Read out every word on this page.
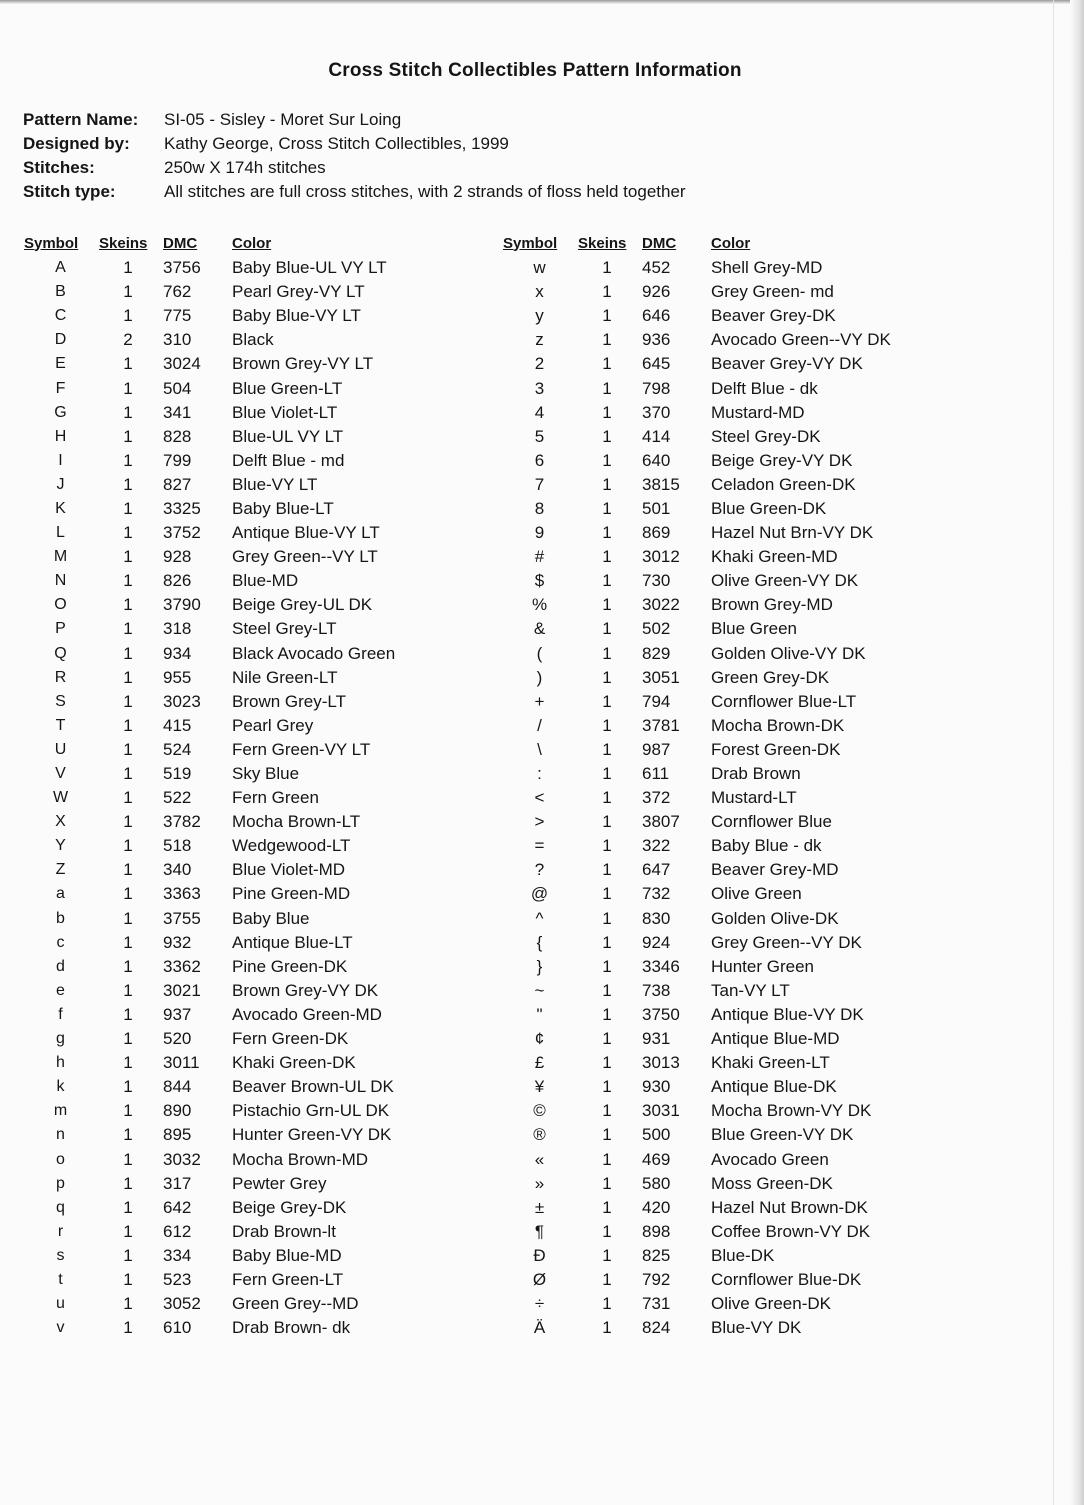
Cross Stitch Collectibles Pattern Information
Pattern Name:	SI-05 - Sisley - Moret Sur Loing
Designed by:	Kathy George, Cross Stitch Collectibles, 1999
Stitches:	250w X 174h stitches
Stitch type:	All stitches are full cross stitches, with 2 strands of floss held together
Symbol	Skeins	DMC	Color
A	1	3756	Baby Blue-UL VY LT
B	1	762	Pearl Grey-VY LT
C	1	775	Baby Blue-VY LT
D	2	310	Black
E	1	3024	Brown Grey-VY LT
F	1	504	Blue Green-LT
G	1	341	Blue Violet-LT
H	1	828	Blue-UL VY LT
I	1	799	Delft Blue - md
J	1	827	Blue-VY LT
K	1	3325	Baby Blue-LT
L	1	3752	Antique Blue-VY LT
M	1	928	Grey Green--VY LT
N	1	826	Blue-MD
O	1	3790	Beige Grey-UL DK
P	1	318	Steel Grey-LT
Q	1	934	Black Avocado Green
R	1	955	Nile Green-LT
S	1	3023	Brown Grey-LT
T	1	415	Pearl Grey
U	1	524	Fern Green-VY LT
V	1	519	Sky Blue
W	1	522	Fern Green
X	1	3782	Mocha Brown-LT
Y	1	518	Wedgewood-LT
Z	1	340	Blue Violet-MD
a	1	3363	Pine Green-MD
b	1	3755	Baby Blue
c	1	932	Antique Blue-LT
d	1	3362	Pine Green-DK
e	1	3021	Brown Grey-VY DK
f	1	937	Avocado Green-MD
g	1	520	Fern Green-DK
h	1	3011	Khaki Green-DK
k	1	844	Beaver Brown-UL DK
m	1	890	Pistachio Grn-UL DK
n	1	895	Hunter Green-VY DK
o	1	3032	Mocha Brown-MD
p	1	317	Pewter Grey
q	1	642	Beige Grey-DK
r	1	612	Drab Brown-lt
s	1	334	Baby Blue-MD
t	1	523	Fern Green-LT
u	1	3052	Green Grey--MD
v	1	610	Drab Brown- dk
Symbol	Skeins	DMC	Color
w	1	452	Shell Grey-MD
x	1	926	Grey Green- md
y	1	646	Beaver Grey-DK
z	1	936	Avocado Green--VY DK
2	1	645	Beaver Grey-VY DK
3	1	798	Delft Blue - dk
4	1	370	Mustard-MD
5	1	414	Steel Grey-DK
6	1	640	Beige Grey-VY DK
7	1	3815	Celadon Green-DK
8	1	501	Blue Green-DK
9	1	869	Hazel Nut Brn-VY DK
#	1	3012	Khaki Green-MD
$	1	730	Olive Green-VY DK
%	1	3022	Brown Grey-MD
&	1	502	Blue Green
(	1	829	Golden Olive-VY DK
)	1	3051	Green Grey-DK
+	1	794	Cornflower Blue-LT
/	1	3781	Mocha Brown-DK
\	1	987	Forest Green-DK
:	1	611	Drab Brown
<	1	372	Mustard-LT
>	1	3807	Cornflower Blue
=	1	322	Baby Blue - dk
?	1	647	Beaver Grey-MD
@	1	732	Olive Green
^	1	830	Golden Olive-DK
{	1	924	Grey Green--VY DK
}	1	3346	Hunter Green
~	1	738	Tan-VY LT
"	1	3750	Antique Blue-VY DK
¢	1	931	Antique Blue-MD
£	1	3013	Khaki Green-LT
¥	1	930	Antique Blue-DK
©	1	3031	Mocha Brown-VY DK
®	1	500	Blue Green-VY DK
«	1	469	Avocado Green
»	1	580	Moss Green-DK
±	1	420	Hazel Nut Brown-DK
¶	1	898	Coffee Brown-VY DK
Ð	1	825	Blue-DK
Ø	1	792	Cornflower Blue-DK
÷	1	731	Olive Green-DK
Ä	1	824	Blue-VY DK
